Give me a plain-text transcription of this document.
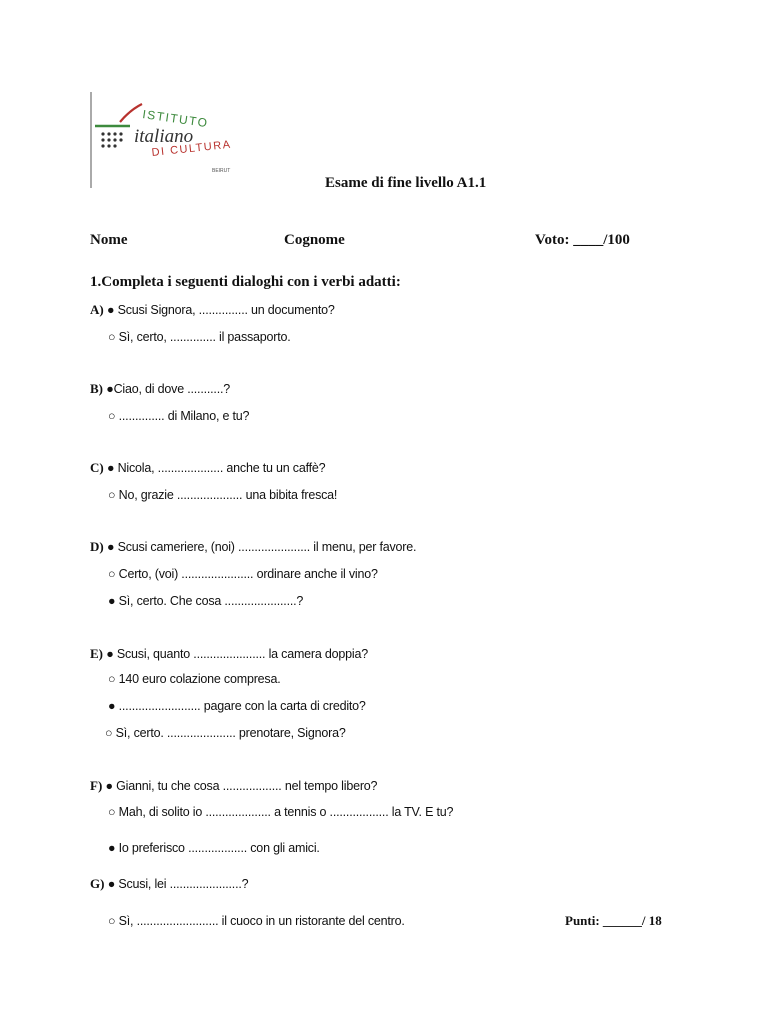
ISTITUTO
italiano
DI CULTURA
BEIRUT
Esame di fine livello A1.1
Nome	Cognome	Voto: ____/100
1.Completa i seguenti dialoghi con i verbi adatti:
A) ● Scusi Signora, ............... un documento?
○ Sì, certo, .............. il passaporto.
B) ●Ciao, di dove ...........?
○ .............. di Milano, e tu?
C) ● Nicola, .................... anche tu un caffè?
○ No, grazie .................... una bibita fresca!
D) ● Scusi cameriere, (noi) ...................... il menu, per favore.
○ Certo, (voi) ...................... ordinare anche il vino?
● Sì, certo. Che cosa ......................?
E) ● Scusi, quanto ...................... la camera doppia?
○ 140 euro colazione compresa.
● ......................... pagare con la carta di credito?
○ Sì, certo. ..................... prenotare, Signora?
F) ● Gianni, tu che cosa .................. nel tempo libero?
○ Mah, di solito io .................... a tennis o .................. la TV. E tu?
● Io preferisco .................. con gli amici.
G) ● Scusi, lei ......................?
○ Sì, ......................... il cuoco in un ristorante del centro.	Punti: ______/ 18
